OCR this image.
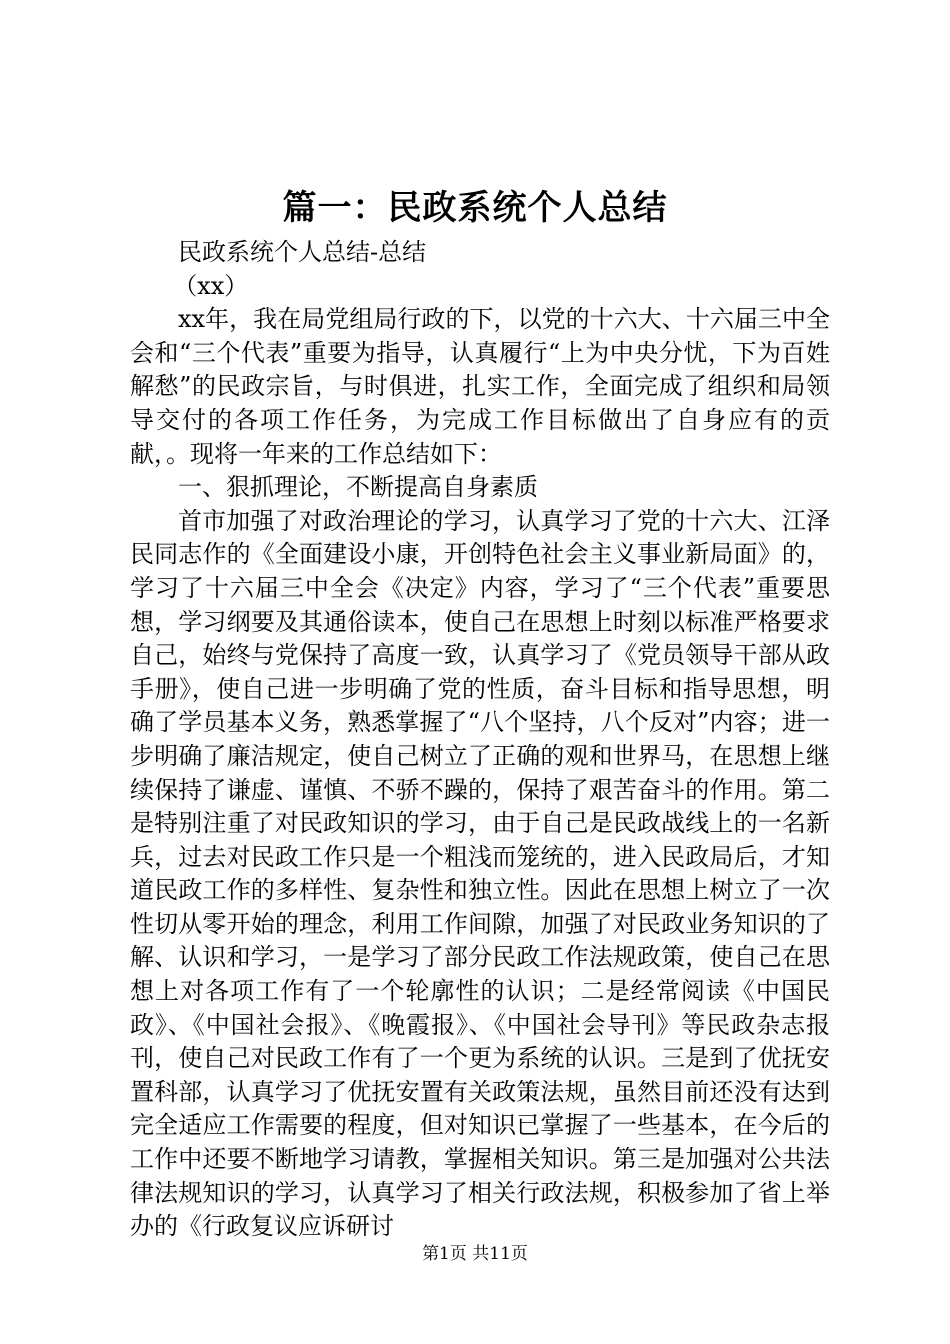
篇一：民政系统个人总结

民政系统个人总结-总结

（xx）

xx年，我在局党组局行政的下，以党的十六大、十六届三中全会和“三个代表”重要为指导，认真履行“上为中央分忧，下为百姓解愁”的民政宗旨，与时俱进，扎实工作，全面完成了组织和局领导交付的各项工作任务，为完成工作目标做出了自身应有的贡献，。现将一年来的工作总结如下：

一、狠抓理论，不断提高自身素质

首市加强了对政治理论的学习，认真学习了党的十六大、江泽民同志作的《全面建设小康，开创特色社会主义事业新局面》的，学习了十六届三中全会《决定》内容，学习了“三个代表”重要思想，学习纲要及其通俗读本，使自己在思想上时刻以标准严格要求自己，始终与党保持了高度一致，认真学习了《党员领导干部从政手册》，使自己进一步明确了党的性质，奋斗目标和指导思想，明确了学员基本义务，熟悉掌握了“八个坚持，八个反对”内容；进一步明确了廉洁规定，使自己树立了正确的观和世界马，在思想上继续保持了谦虚、谨慎、不骄不躁的，保持了艰苦奋斗的作用。第二是特别注重了对民政知识的学习，由于自己是民政战线上的一名新兵，过去对民政工作只是一个粗浅而笼统的，进入民政局后，才知道民政工作的多样性、复杂性和独立性。因此在思想上树立了一次性切从零开始的理念，利用工作间隙，加强了对民政业务知识的了解、认识和学习，一是学习了部分民政工作法规政策，使自己在思想上对各项工作有了一个轮廓性的认识；二是经常阅读《中国民政》、《中国社会报》、《晚霞报》、《中国社会导刊》等民政杂志报刊，使自己对民政工作有了一个更为系统的认识。三是到了优抚安置科部，认真学习了优抚安置有关政策法规，虽然目前还没有达到完全适应工作需要的程度，但对知识已掌握了一些基本，在今后的工作中还要不断地学习请教，掌握相关知识。第三是加强对公共法律法规知识的学习，认真学习了相关行政法规，积极参加了省上举办的《行政复议应诉研讨

第1页 共11页
